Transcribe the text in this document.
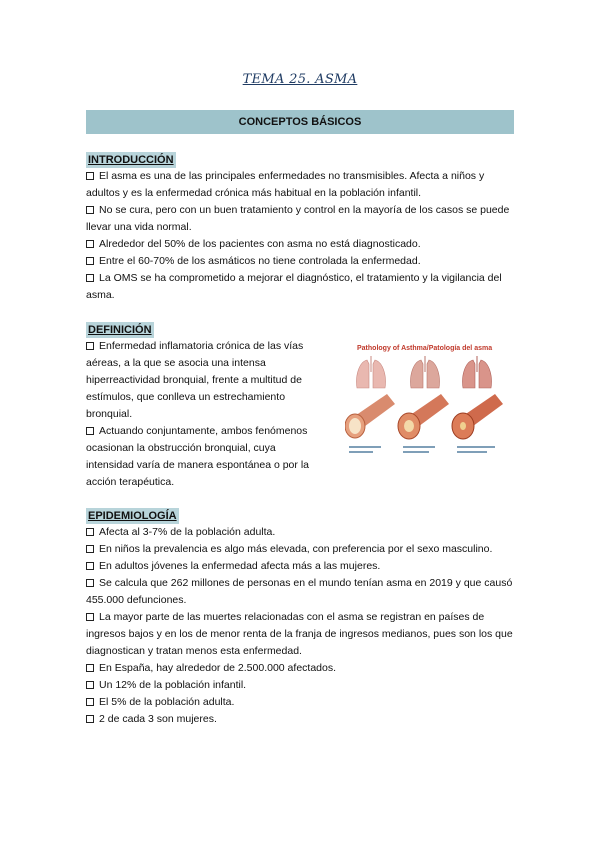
TEMA 25. ASMA
CONCEPTOS BÁSICOS
INTRODUCCIÓN

El asma es una de las principales enfermedades no transmisibles. Afecta a niños y adultos y es la enfermedad crónica más habitual en la población infantil.

No se cura, pero con un buen tratamiento y control en la mayoría de los casos se puede llevar una vida normal.

Alrededor del 50% de los pacientes con asma no está diagnosticado.

Entre el 60-70% de los asmáticos no tiene controlada la enfermedad.

La OMS se ha comprometido a mejorar el diagnóstico, el tratamiento y la vigilancia del asma.

DEFINICIÓN

Enfermedad inflamatoria crónica de las vías aéreas, a la que se asocia una intensa hiperreactividad bronquial, frente a multitud de estímulos, que conlleva un estrechamiento bronquial.

Actuando conjuntamente, ambos fenómenos ocasionan la obstrucción bronquial, cuya intensidad varía de manera espontánea o por la acción terapéutica.

Pathology of Asthma/Patología del asma
EPIDEMIOLOGÍA

Afecta al 3-7% de la población adulta.

En niños la prevalencia es algo más elevada, con preferencia por el sexo masculino.

En adultos jóvenes la enfermedad afecta más a las mujeres.

Se calcula que 262 millones de personas en el mundo tenían asma en 2019 y que causó 455.000 defunciones.

La mayor parte de las muertes relacionadas con el asma se registran en países de ingresos bajos y en los de menor renta de la franja de ingresos medianos, pues son los que diagnostican y tratan menos esta enfermedad.

En España, hay alrededor de 2.500.000 afectados.

Un 12% de la población infantil.

El 5% de la población adulta.

2 de cada 3 son mujeres.
